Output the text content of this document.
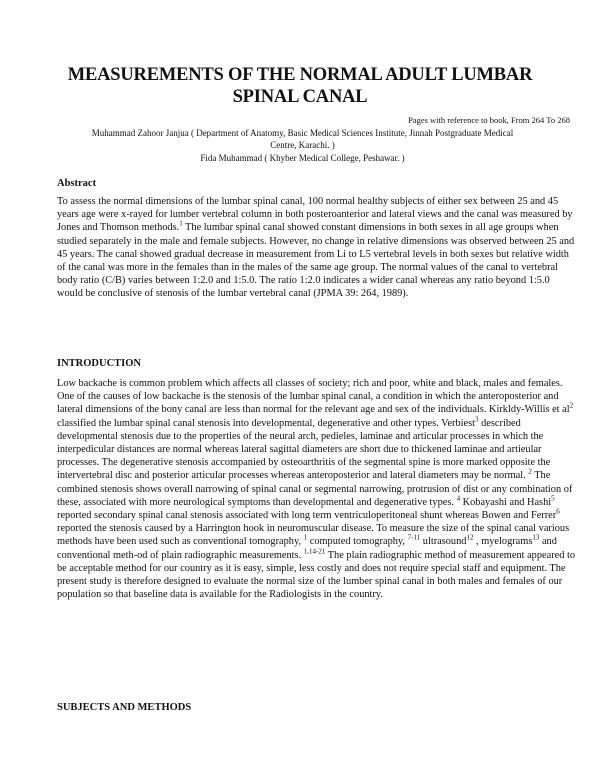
MEASUREMENTS OF THE NORMAL ADULT LUMBAR
SPINAL CANAL
Pages with reference to book, From 264 To 268
Muhammad Zahoor Janjua ( Department of Anatomy, Basic Medical Sciences Institute, Jinnah Postgraduate Medical
Centre, Karachi. )
Fida Muhammad ( Khyber Medical College, Peshawar. )
Abstract

To assess the normal dimensions of the lumbar spinal canal, 100 normal healthy subjects of either sex between 25 and 45 years age were x-rayed for lumber vertebral column in both posteroanterior and lateral views and the canal was measured by Jones and Thomson methods.$^1$ The lumbar spinal canal showed constant dimensions in both sexes in all age groups when studied separately in the male and female subjects. However, no change in relative dimensions was observed between 25 and 45 years. The canal showed gradual decrease in measurement from Li to L5 vertebral levels in both sexes but relative width of the canal was more in the females than in the males of the same age group. The normal values of the canal to vertebral body ratio (C/B) varies between 1:2.0 and 1:5.0. The ratio 1:2.0 indicates a wider canal whereas any ratio beyond 1:5.0 would be conclusive of stenosis of the lumbar vertebral canal (JPMA 39: 264, 1989).

INTRODUCTION

Low backache is common problem which affects all classes of society; rich and poor, white and black, males and females. One of the causes of low backache is the stenosis of the lumbar spinal canal, a condition in which the anteroposterior and lateral dimensions of the bony canal are less than normal for the relevant age and sex of the individuals. Kirkldy-Willis et $al^2$ classified the lumbar spinal canal stenosis into developmental, degenerative and other types. Verbiest$^3$ described developmental stenosis due to the properties of the neural arch, pedieles, laminae and articular processes in which the interpedicular distances are normal whereas lateral sagittal diameters are short due to thickened laminae and artieular processes. The degenerative stenosis accompanied by osteoarthritis of the segmental spine is more marked opposite the intervertebral disc and posterior articular processes whereas anteroposterior and lateral diameters may be normal. $^2$ The combined stenosis shows overall narrowing of spinal canal or segmental narrowing, protrusion of dist or any combination of these, associated with more neurological symptoms than developmental and degenerative types. $^4$ Kobayashi and Hashi$^5$ reported secondary spinal canal stenosis associated with long term ventriculoperitoneal shunt whereas Bowen and Ferrer$^6$ reported the stenosis caused by a Harrington hook in neuromuscular disease. To measure the size of the spinal canal various methods have been used such as conventional tomography, $^1$ computed tomography, $^{7-11}$ ultrasound$^{12}$ , myelograms$^{13}$ and conventional meth-od of plain radiographic measurements. $^{1,14-21}$ The plain radiographic method of measurement appeared to be acceptable method for our country as it is easy, simple, less costly and does not require special staff and equipment. The present study is therefore designed to evaluate the normal size of the lumber spinal canal in both males and females of our population so that baseline data is available for the Radiologists in the country.

SUBJECTS AND METHODS
